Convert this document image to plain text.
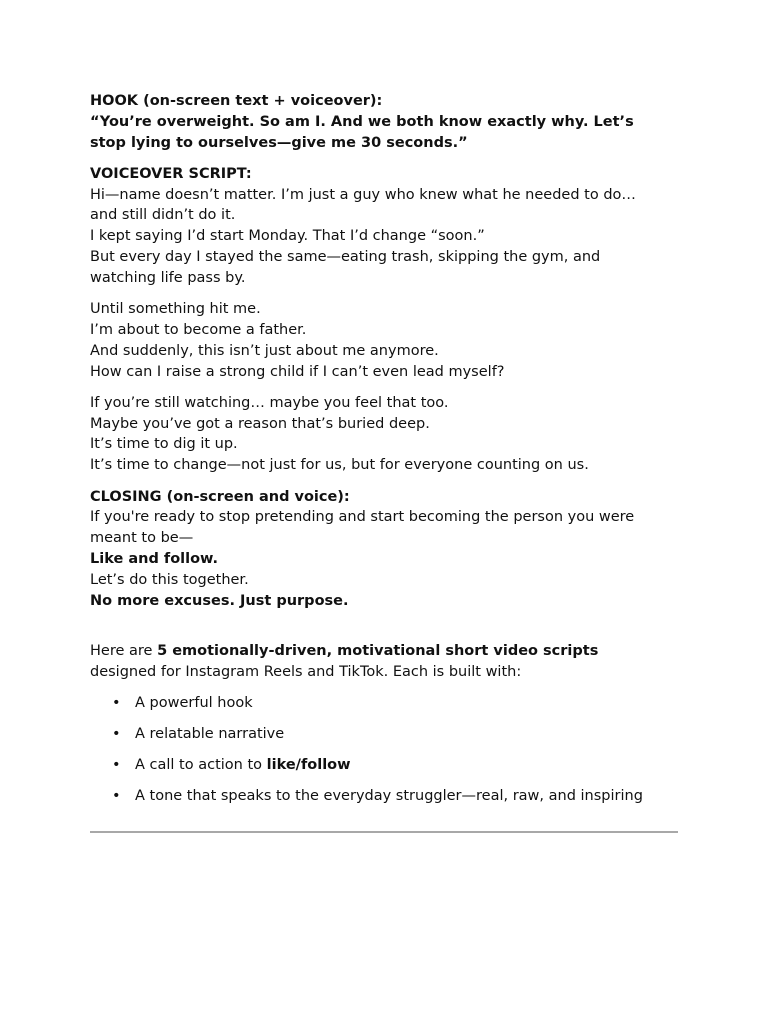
HOOK (on-screen text + voiceover):

“You’re overweight. So am I. And we both know exactly why. Let’s
stop lying to ourselves—give me 30 seconds.”

VOICEOVER SCRIPT:

Hi—name doesn’t matter. I’m just a guy who knew what he needed to do…
and still didn’t do it.
I kept saying I’d start Monday. That I’d change “soon.”
But every day I stayed the same—eating trash, skipping the gym, and
watching life pass by.

Until something hit me.
I’m about to become a father.
And suddenly, this isn’t just about me anymore.
How can I raise a strong child if I can’t even lead myself?
If you’re still watching… maybe you feel that too.
Maybe you’ve got a reason that’s buried deep.
It’s time to dig it up.
It’s time to change—not just for us, but for everyone counting on us.

CLOSING (on-screen and voice):

If you're ready to stop pretending and start becoming the person you were
meant to be—
Like and follow.
Let’s do this together.
No more excuses. Just purpose.
Here are 5 emotionally-driven, motivational short video scripts
designed for Instagram Reels and TikTok. Each is built with:
• A powerful hook
• A relatable narrative
• A call to action to like/follow
• A tone that speaks to the everyday struggler—real, raw, and inspiring
